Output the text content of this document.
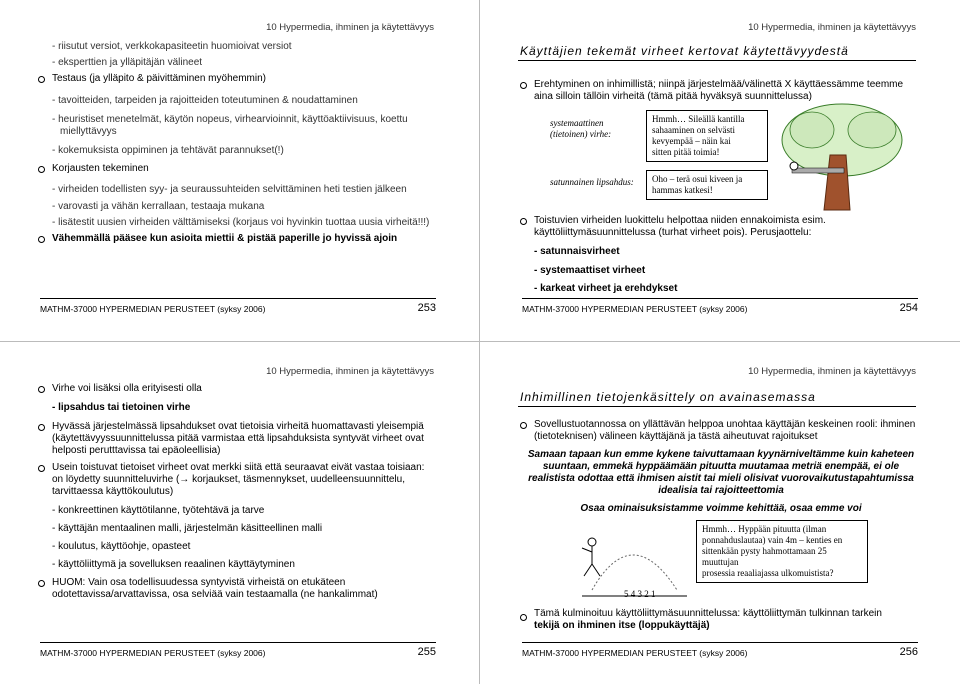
10 Hypermedia, ihminen ja käytettävyys
- riisutut versiot, verkkokapasiteetin huomioivat versiot
- eksperttien ja ylläpitäjän välineet
Testaus (ja ylläpito & päivittäminen myöhemmin)
- tavoitteiden, tarpeiden ja rajoitteiden toteutuminen & noudattaminen
- heuristiset menetelmät, käytön nopeus, virhearvioinnit, käyttöaktiivisuus, koettu
miellyttävyys
- kokemuksista oppiminen ja tehtävät parannukset(!)
Korjausten tekeminen
- virheiden todellisten syy- ja seuraussuhteiden selvittäminen heti testien jälkeen
- varovasti ja vähän kerrallaan, testaaja mukana
- lisätestit uusien virheiden välttämiseksi (korjaus voi hyvinkin tuottaa uusia virheitä!!!)
Vähemmällä pääsee kun asioita miettii & pistää paperille jo hyvissä ajoin
MATHM-37000 HYPERMEDIAN PERUSTEET (syksy 2006)	253
10 Hypermedia, ihminen ja käytettävyys
Käyttäjien tekemät virheet kertovat käytettävyydestä
Erehtyminen on inhimillistä; niinpä järjestelmää/välinettä X käyttäessämme teemme
aina silloin tällöin virheitä (tämä pitää hyväksyä suunnittelussa)
systemaattinen
(tietoinen) virhe:
Hmmh… Sileällä kantilla
sahaaminen on selvästi
kevyempää – näin kai
sitten pitää toimia!
satunnainen lipsahdus: Oho – terä osui kiveen ja
hammas katkesi!
Toistuvien virheiden luokittelu helpottaa niiden ennakoimista esim.
käyttöliittymäsuunnittelussa (turhat virheet pois). Perusjaottelu:
- satunnaisvirheet
- systemaattiset virheet
- karkeat virheet ja erehdykset
MATHM-37000 HYPERMEDIAN PERUSTEET (syksy 2006)	254
10 Hypermedia, ihminen ja käytettävyys
Virhe voi lisäksi olla erityisesti olla
- lipsahdus tai tietoinen virhe
Hyvässä järjestelmässä lipsahdukset ovat tietoisia virheitä huomattavasti yleisempiä
(käytettävyyssuunnittelussa pitää varmistaa että lipsahduksista syntyvät virheet ovat
helposti perutttavissa tai epäoleellisia)
Usein toistuvat tietoiset virheet ovat merkki siitä että seuraavat eivät vastaa toisiaan:
on löydetty suunnitteluvirhe (→ korjaukset, täsmennykset, uudelleensuunnittelu,
tarvittaessa käyttökoulutus)
- konkreettinen käyttötilanne, työtehtävä ja tarve
- käyttäjän mentaalinen malli, järjestelmän käsitteellinen malli
- koulutus, käyttöohje, opasteet
- käyttöliittymä ja sovelluksen reaalinen käyttäytyminen
HUOM: Vain osa todellisuudessa syntyvistä virheistä on etukäteen
odotettavissa/arvattavissa, osa selviää vain testaamalla (ne hankalimmat)
MATHM-37000 HYPERMEDIAN PERUSTEET (syksy 2006)	255
10 Hypermedia, ihminen ja käytettävyys
Inhimillinen tietojenkäsittely on avainasemassa
Sovellustuotannossa on yllättävän helppoa unohtaa käyttäjän keskeinen rooli: ihminen
(tietoteknisen) välineen käyttäjänä ja tästä aiheutuvat rajoitukset
Samaan tapaan kun emme kykene taivuttamaan kyynärniveltämme kuin kaheteen
suuntaan, emmekä hyppäämään pituutta muutamaa metriä enempää, ei ole
realistista odottaa että ihmisen aistit tai mieli olisivat vuorovaikutustapahtumissa
idealisia tai rajoitteettomia
Osaa ominaisuksistamme voimme kehittää, osaa emme voi
5 4 3 2 1
Hmmh… Hyppään pituutta (ilman
ponnahduslautaa) vain 4m – kenties en
sittenkään pysty hahmottamaan 25 muuttujan
prosessia reaaliajassa ulkomuistista?
Tämä kulminoituu käyttöliittymäsuunnittelussa: käyttöliittymän tulkinnan tarkein
tekijä on ihminen itse (loppukäyttäjä)
MATHM-37000 HYPERMEDIAN PERUSTEET (syksy 2006)	256
